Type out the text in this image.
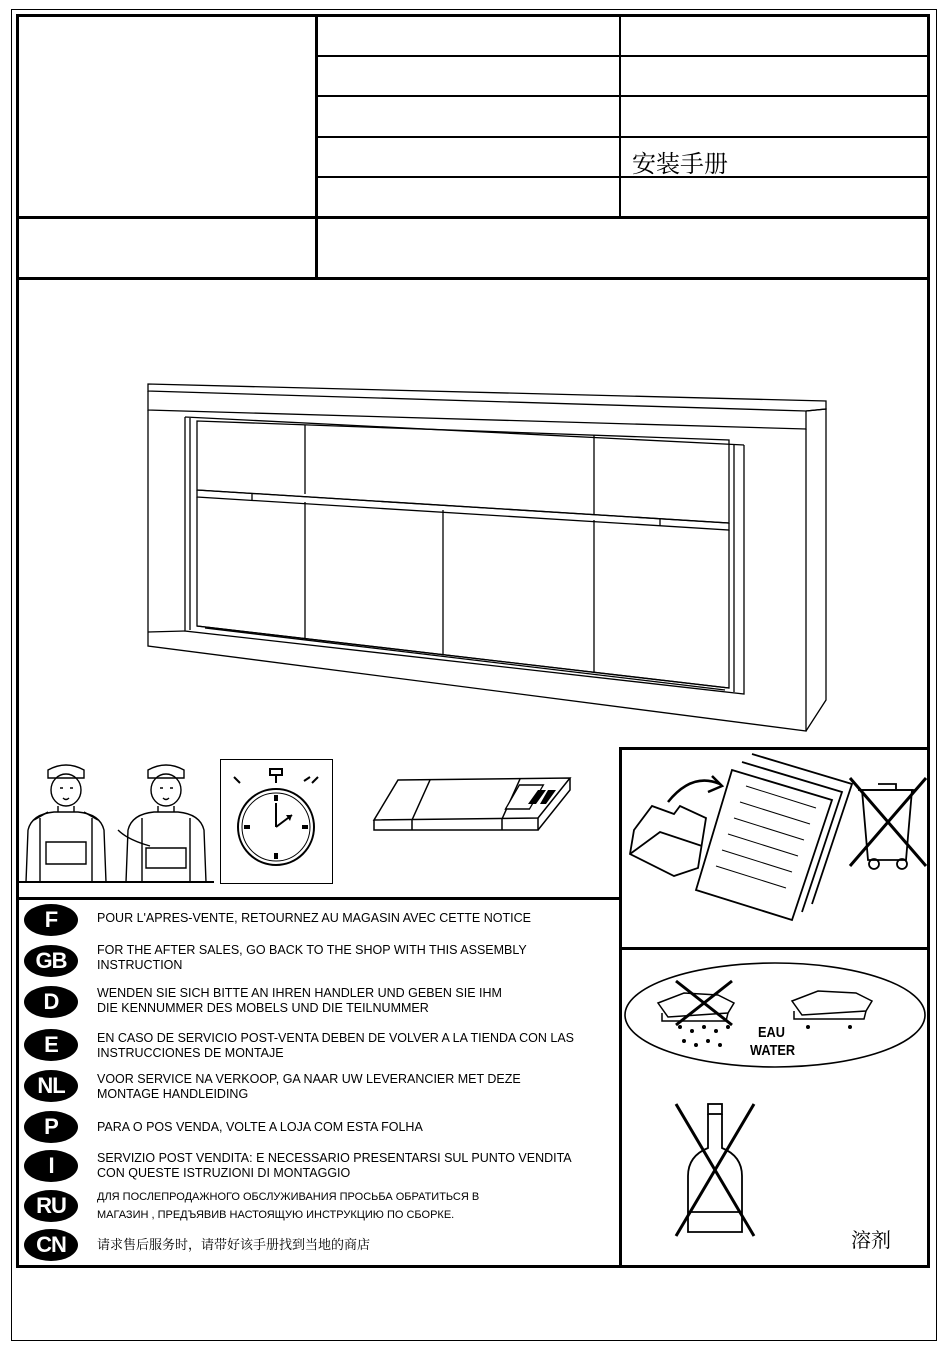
安装手册
EAU
WATER
溶剂
F	POUR L'APRES-VENTE, RETOURNEZ AU MAGASIN AVEC CETTE NOTICE
GB	FOR THE AFTER SALES, GO BACK TO THE SHOP WITH THIS ASSEMBLY
INSTRUCTION
D	WENDEN SIE SICH BITTE AN IHREN HANDLER UND GEBEN SIE IHM
DIE KENNUMMER DES MOBELS UND DIE TEILNUMMER
E	EN CASO DE SERVICIO POST-VENTA DEBEN DE VOLVER A LA TIENDA CON LAS
INSTRUCCIONES DE MONTAJE
NL	VOOR SERVICE NA VERKOOP, GA NAAR UW LEVERANCIER MET DEZE
MONTAGE HANDLEIDING
P	PARA O POS VENDA, VOLTE A LOJA COM ESTA FOLHA
I	SERVIZIO POST VENDITA: E NECESSARIO PRESENTARSI SUL PUNTO VENDITA
CON QUESTE ISTRUZIONI DI MONTAGGIO
RU	ДЛЯ ПОСЛЕПРОДАЖНОГО ОБСЛУЖИВАНИЯ ПРОСЬБА ОБРАТИТЬСЯ В
МАГАЗИН , ПРЕДЪЯВИВ НАСТОЯЩУЮ ИНСТРУКЦИЮ ПО СБОРКЕ.
CN	请求售后服务时，请带好该手册找到当地的商店
